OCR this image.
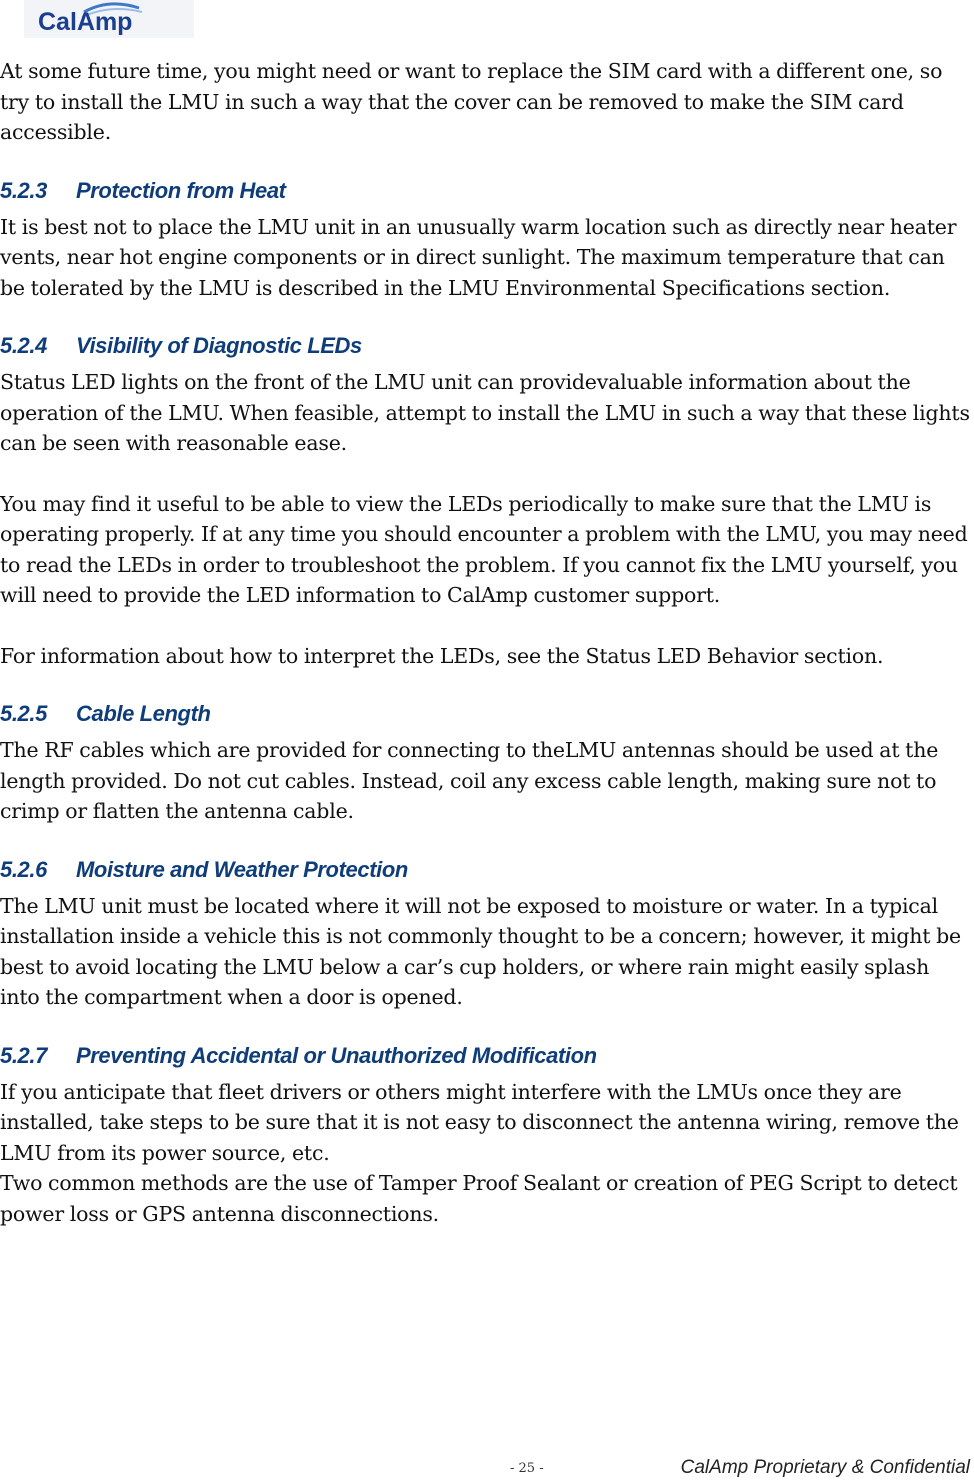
CalAmp

At some future time, you might need or want to replace the SIM card with a different one, so try to install the LMU in such a way that the cover can be removed to make the SIM card accessible.

5.2.3	Protection from Heat

It is best not to place the LMU unit in an unusually warm location such as directly near heater vents, near hot engine components or in direct sunlight. The maximum temperature that can be tolerated by the LMU is described in the LMU Environmental Specifications section.

5.2.4	Visibility of Diagnostic LEDs

Status LED lights on the front of the LMU unit can providevaluable information about the operation of the LMU. When feasible, attempt to install the LMU in such a way that these lights can be seen with reasonable ease.

You may find it useful to be able to view the LEDs periodically to make sure that the LMU is operating properly. If at any time you should encounter a problem with the LMU, you may need to read the LEDs in order to troubleshoot the problem. If you cannot fix the LMU yourself, you will need to provide the LED information to CalAmp customer support.

For information about how to interpret the LEDs, see the Status LED Behavior section.

5.2.5	Cable Length

The RF cables which are provided for connecting to theLMU antennas should be used at the length provided. Do not cut cables. Instead, coil any excess cable length, making sure not to crimp or flatten the antenna cable.

5.2.6	Moisture and Weather Protection

The LMU unit must be located where it will not be exposed to moisture or water. In a typical installation inside a vehicle this is not commonly thought to be a concern; however, it might be best to avoid locating the LMU below a car’s cup holders, or where rain might easily splash into the compartment when a door is opened.

5.2.7	Preventing Accidental or Unauthorized Modification

If you anticipate that fleet drivers or others might interfere with the LMUs once they are installed, take steps to be sure that it is not easy to disconnect the antenna wiring, remove the LMU from its power source, etc.

Two common methods are the use of Tamper Proof Sealant or creation of PEG Script to detect power loss or GPS antenna disconnections.

- 25 -	CalAmp Proprietary & Confidential
